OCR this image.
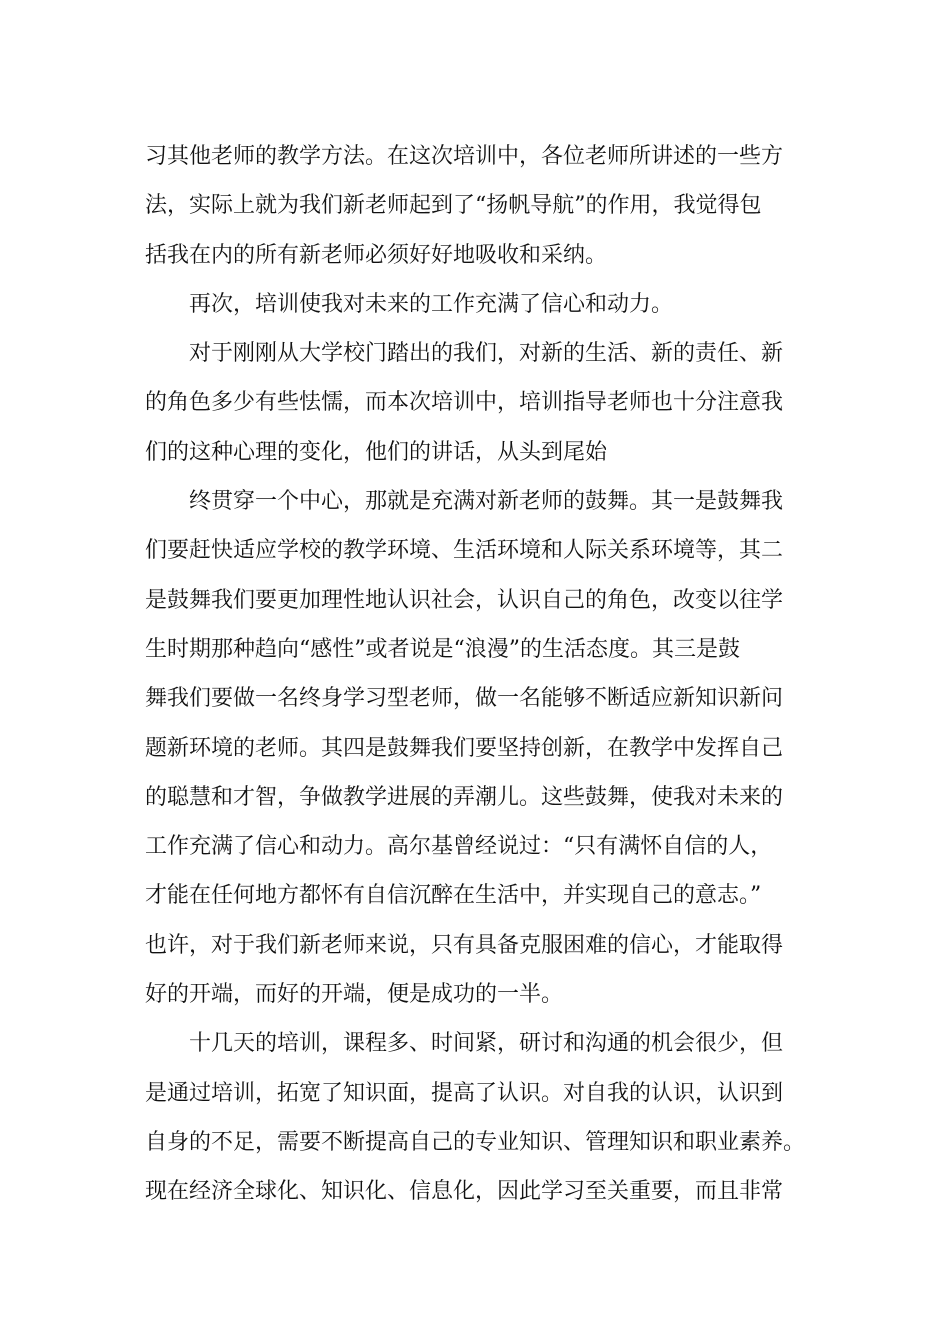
习其他老师的教学方法。在这次培训中，各位老师所讲述的一些方
法，实际上就为我们新老师起到了“扬帆导航”的作用，我觉得包
括我在内的所有新老师必须好好地吸收和采纳。
再次，培训使我对未来的工作充满了信心和动力。
对于刚刚从大学校门踏出的我们，对新的生活、新的责任、新
的角色多少有些怯懦，而本次培训中，培训指导老师也十分注意我
们的这种心理的变化，他们的讲话，从头到尾始
终贯穿一个中心，那就是充满对新老师的鼓舞。其一是鼓舞我
们要赶快适应学校的教学环境、生活环境和人际关系环境等，其二
是鼓舞我们要更加理性地认识社会，认识自己的角色，改变以往学
生时期那种趋向“感性”或者说是“浪漫”的生活态度。其三是鼓
舞我们要做一名终身学习型老师，做一名能够不断适应新知识新问
题新环境的老师。其四是鼓舞我们要坚持创新，在教学中发挥自己
的聪慧和才智，争做教学进展的弄潮儿。这些鼓舞，使我对未来的
工作充满了信心和动力。高尔基曾经说过：“只有满怀自信的人，
才能在任何地方都怀有自信沉醉在生活中，并实现自己的意志。”
也许，对于我们新老师来说，只有具备克服困难的信心，才能取得
好的开端，而好的开端，便是成功的一半。
十几天的培训，课程多、时间紧，研讨和沟通的机会很少，但
是通过培训，拓宽了知识面，提高了认识。对自我的认识，认识到
自身的不足，需要不断提高自己的专业知识、管理知识和职业素养。
现在经济全球化、知识化、信息化，因此学习至关重要，而且非常
